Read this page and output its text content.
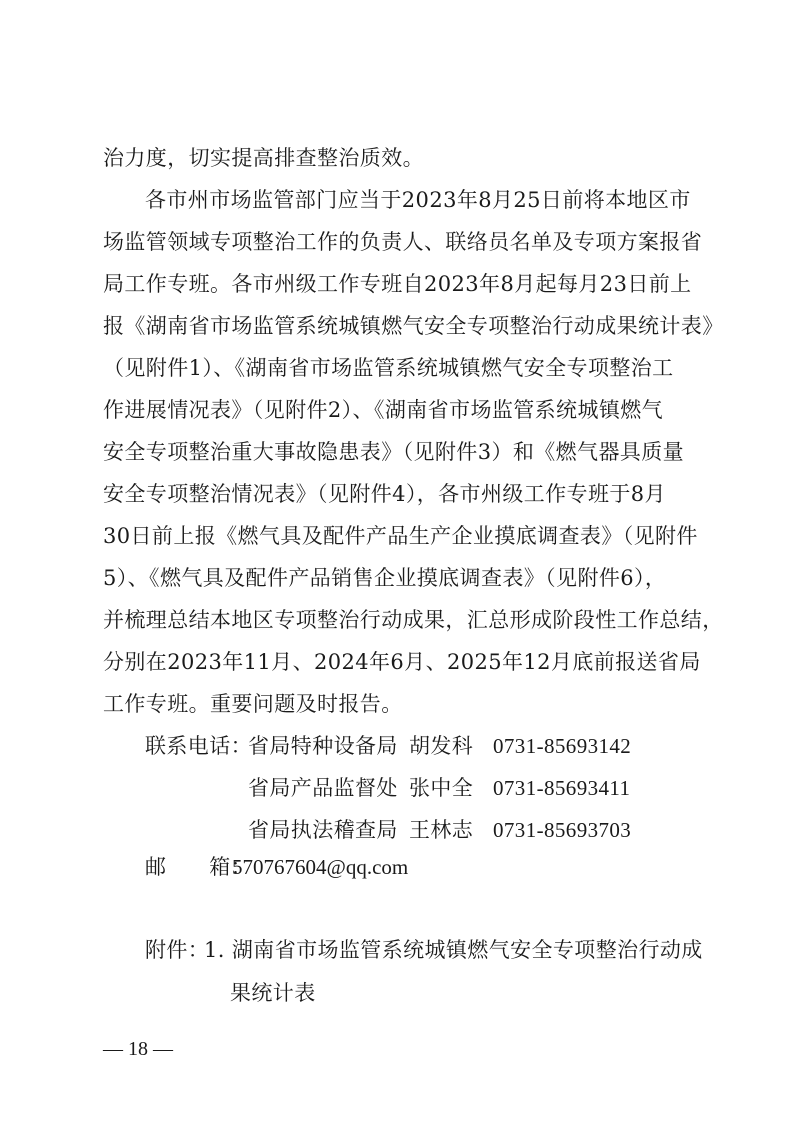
治力度，切实提高排查整治质效。
各市州市场监管部门应当于2023年8月25日前将本地区市
场监管领域专项整治工作的负责人、联络员名单及专项方案报省
局工作专班。各市州级工作专班自2023年8月起每月23日前上
报《湖南省市场监管系统城镇燃气安全专项整治行动成果统计表》
（见附件1）、《湖南省市场监管系统城镇燃气安全专项整治工
作进展情况表》（见附件2）、《湖南省市场监管系统城镇燃气
安全专项整治重大事故隐患表》（见附件3）和《燃气器具质量
安全专项整治情况表》（见附件4），各市州级工作专班于8月
30日前上报《燃气具及配件产品生产企业摸底调查表》（见附件
5）、《燃气具及配件产品销售企业摸底调查表》（见附件6），
并梳理总结本地区专项整治行动成果，汇总形成阶段性工作总结，
分别在2023年11月、2024年6月、2025年12月底前报送省局
工作专班。重要问题及时报告。
联系电话：
省局特种设备局 胡发科 0731-85693142
省局产品监督处 张中全 0731-85693411
省局执法稽查局 王林志 0731-85693703
邮　　箱：
570767604@qq.com
附件：
1. 湖南省市场监管系统城镇燃气安全专项整治行动成
果统计表
— 18 —
